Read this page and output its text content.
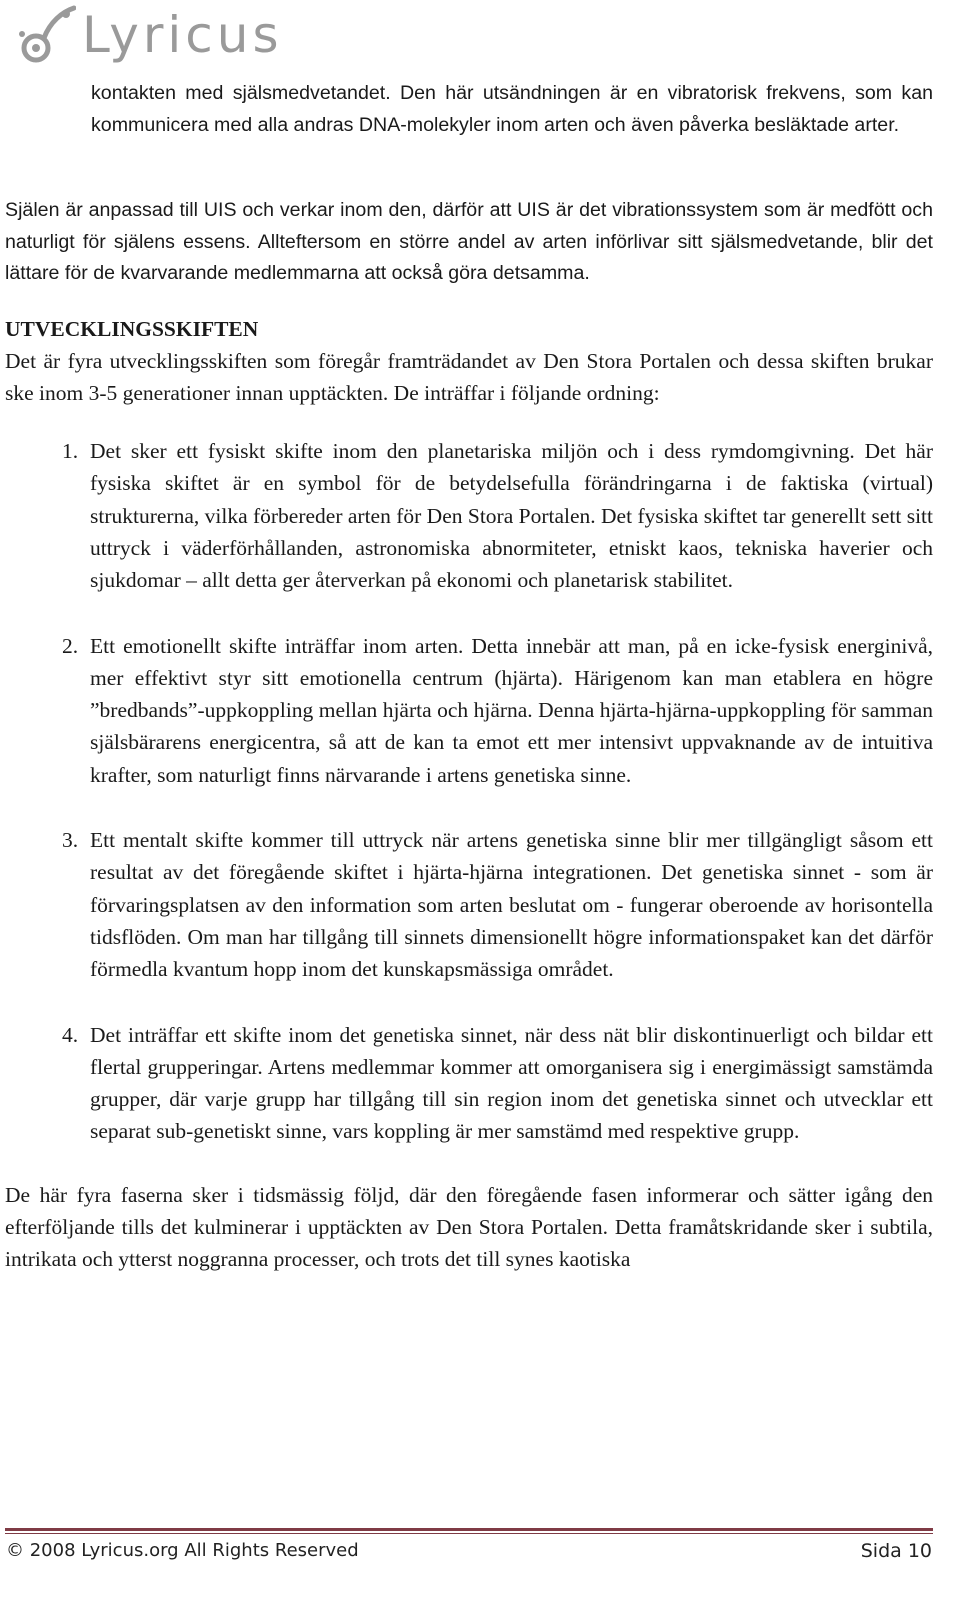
Lyricus

kontakten med själsmedvetandet. Den här utsändningen är en vibratorisk frekvens, som kan kommunicera med alla andras DNA-molekyler inom arten och även påverka besläktade arter.

Själen är anpassad till UIS och verkar inom den, därför att UIS är det vibrationssystem som är medfött och naturligt för själens essens. Allteftersom en större andel av arten införlivar sitt själsmedvetande, blir det lättare för de kvarvarande medlemmarna att också göra detsamma.

UTVECKLINGSSKIFTEN

Det är fyra utvecklingsskiften som föregår framträdandet av Den Stora Portalen och dessa skiften brukar ske inom 3-5 generationer innan upptäckten. De inträffar i följande ordning:

1. Det sker ett fysiskt skifte inom den planetariska miljön och i dess rymdomgivning. Det här fysiska skiftet är en symbol för de betydelsefulla förändringarna i de faktiska (virtual) strukturerna, vilka förbereder arten för Den Stora Portalen. Det fysiska skiftet tar generellt sett sitt uttryck i väderförhållanden, astronomiska abnormiteter, etniskt kaos, tekniska haverier och sjukdomar – allt detta ger återverkan på ekonomi och planetarisk stabilitet.
2. Ett emotionellt skifte inträffar inom arten. Detta innebär att man, på en icke-fysisk energinivå, mer effektivt styr sitt emotionella centrum (hjärta). Härigenom kan man etablera en högre ”bredbands”-uppkoppling mellan hjärta och hjärna. Denna hjärta-hjärna-uppkoppling för samman själsbärarens energicentra, så att de kan ta emot ett mer intensivt uppvaknande av de intuitiva krafter, som naturligt finns närvarande i artens genetiska sinne.
3. Ett mentalt skifte kommer till uttryck när artens genetiska sinne blir mer tillgängligt såsom ett resultat av det föregående skiftet i hjärta-hjärna integrationen. Det genetiska sinnet - som är förvaringsplatsen av den information som arten beslutat om - fungerar oberoende av horisontella tidsflöden. Om man har tillgång till sinnets dimensionellt högre informationspaket kan det därför förmedla kvantum hopp inom det kunskapsmässiga området.
4. Det inträffar ett skifte inom det genetiska sinnet, när dess nät blir diskontinuerligt och bildar ett flertal grupperingar. Artens medlemmar kommer att omorganisera sig i energimässigt samstämda grupper, där varje grupp har tillgång till sin region inom det genetiska sinnet och utvecklar ett separat sub-genetiskt sinne, vars koppling är mer samstämd med respektive grupp.

De här fyra faserna sker i tidsmässig följd, där den föregående fasen informerar och sätter igång den efterföljande tills det kulminerar i upptäckten av Den Stora Portalen. Detta framåtskridande sker i subtila, intrikata och ytterst noggranna processer, och trots det till synes kaotiska

© 2008 Lyricus.org All Rights Reserved	Sida 10
